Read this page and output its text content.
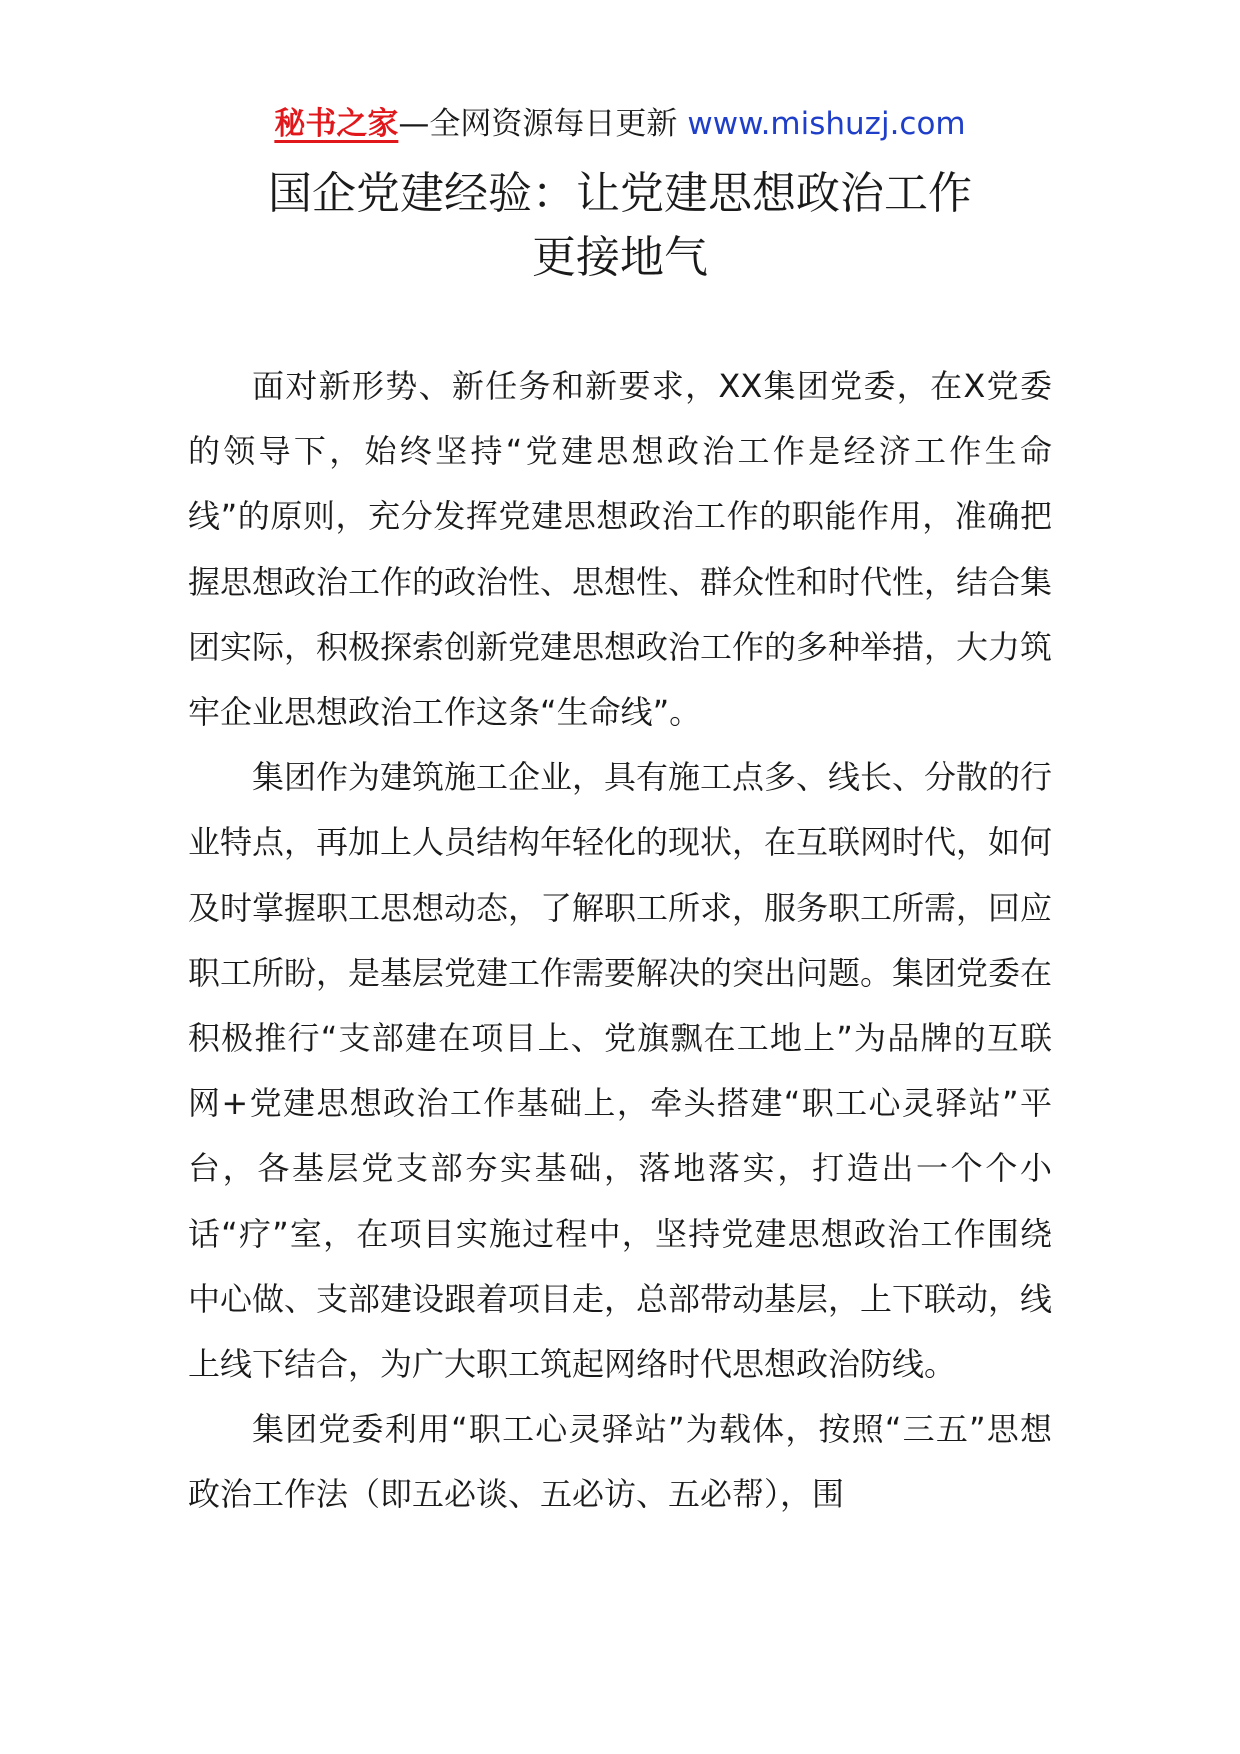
秘书之家—全网资源每日更新 www.mishuzj.com
国企党建经验：让党建思想政治工作
更接地气

面对新形势、新任务和新要求，XX集团党委，在X党委的领导下，始终坚持“党建思想政治工作是经济工作生命线”的原则，充分发挥党建思想政治工作的职能作用，准确把握思想政治工作的政治性、思想性、群众性和时代性，结合集团实际，积极探索创新党建思想政治工作的多种举措，大力筑牢企业思想政治工作这条“生命线”。

集团作为建筑施工企业，具有施工点多、线长、分散的行业特点，再加上人员结构年轻化的现状，在互联网时代，如何及时掌握职工思想动态，了解职工所求，服务职工所需，回应职工所盼，是基层党建工作需要解决的突出问题。集团党委在积极推行“支部建在项目上、党旗飘在工地上”为品牌的互联网+党建思想政治工作基础上，牵头搭建“职工心灵驿站”平台，各基层党支部夯实基础，落地落实，打造出一个个小话“疗”室，在项目实施过程中，坚持党建思想政治工作围绕中心做、支部建设跟着项目走，总部带动基层，上下联动，线上线下结合，为广大职工筑起网络时代思想政治防线。

集团党委利用“职工心灵驿站”为载体，按照“三五”思想政治工作法（即五必谈、五必访、五必帮），围
